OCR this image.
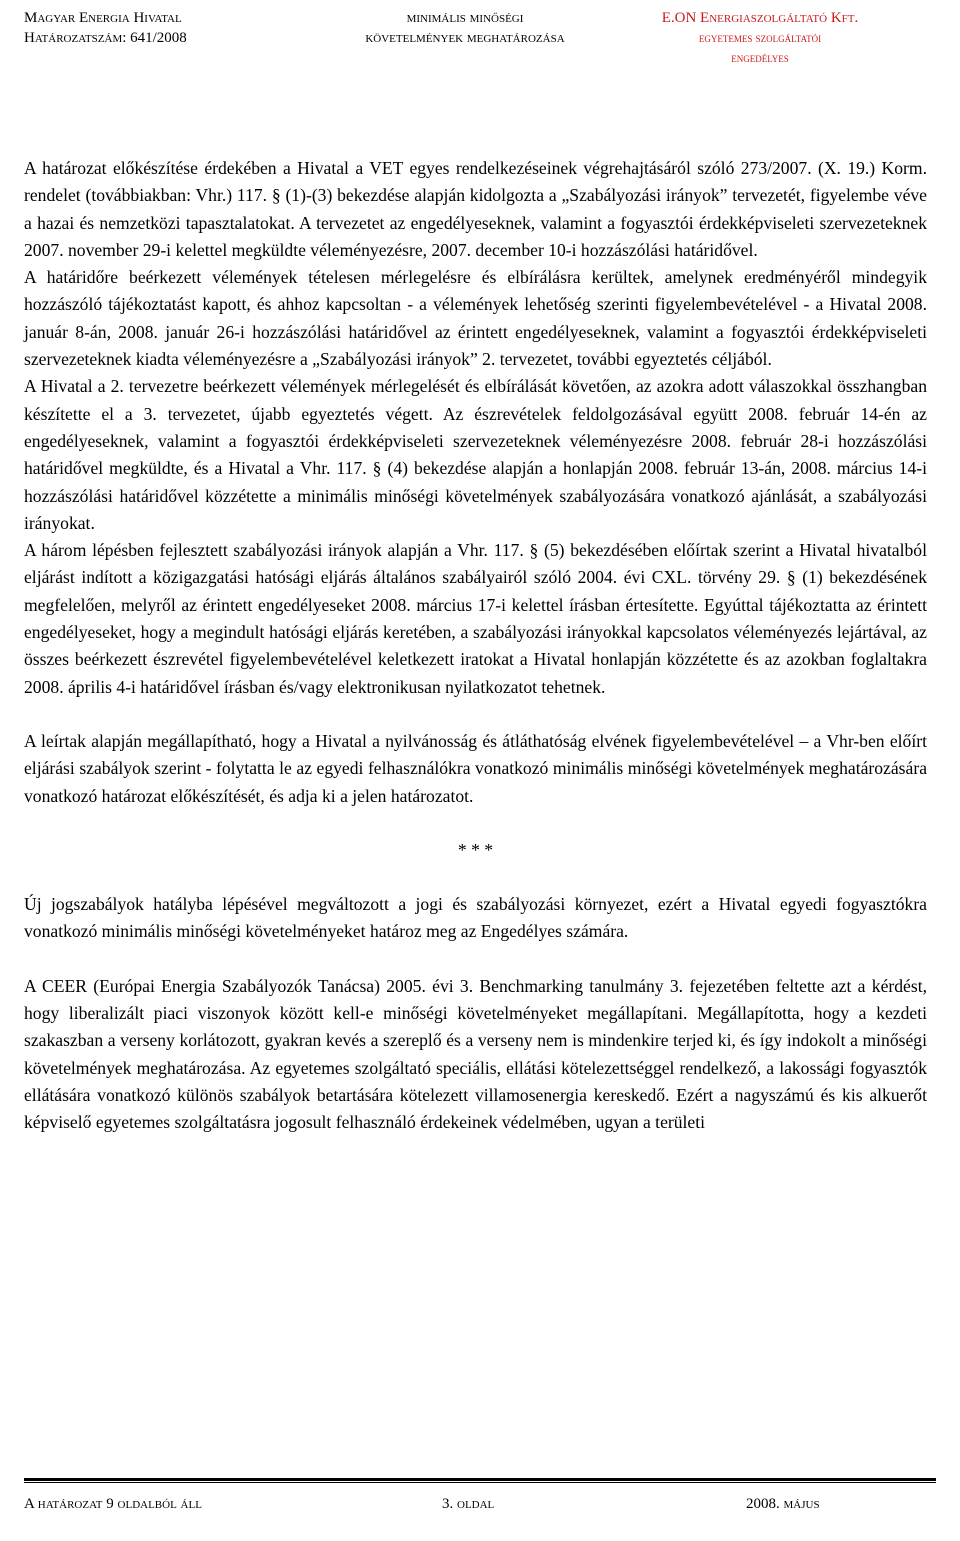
Magyar Energia Hivatal
Határozatszám: 641/2008
minimális minőségi
követelmények meghatározása
E.ON Energiaszolgáltató Kft.
egyetemes szolgáltatói
engedélyes

A határozat előkészítése érdekében a Hivatal a VET egyes rendelkezéseinek végrehajtásáról szóló 273/2007. (X. 19.) Korm. rendelet (továbbiakban: Vhr.) 117. § (1)-(3) bekezdése alapján kidolgozta a „Szabályozási irányok” tervezetét, figyelembe véve a hazai és nemzetközi tapasztalatokat. A tervezetet az engedélyeseknek, valamint a fogyasztói érdekképviseleti szervezeteknek 2007. november 29-i kelettel megküldte véleményezésre, 2007. december 10-i hozzászólási határidővel.

A határidőre beérkezett vélemények tételesen mérlegelésre és elbírálásra kerültek, amelynek eredményéről mindegyik hozzászóló tájékoztatást kapott, és ahhoz kapcsoltan - a vélemények lehetőség szerinti figyelembevételével - a Hivatal 2008. január 8-án, 2008. január 26-i hozzászólási határidővel az érintett engedélyeseknek, valamint a fogyasztói érdekképviseleti szervezeteknek kiadta véleményezésre a „Szabályozási irányok” 2. tervezetet, további egyeztetés céljából.

A Hivatal a 2. tervezetre beérkezett vélemények mérlegelését és elbírálását követően, az azokra adott válaszokkal összhangban készítette el a 3. tervezetet, újabb egyeztetés végett. Az észrevételek feldolgozásával együtt 2008. február 14-én az engedélyeseknek, valamint a fogyasztói érdekképviseleti szervezeteknek véleményezésre 2008. február 28-i hozzászólási határidővel megküldte, és a Hivatal a Vhr. 117. § (4) bekezdése alapján a honlapján 2008. február 13-án, 2008. március 14-i hozzászólási határidővel közzétette a minimális minőségi követelmények szabályozására vonatkozó ajánlását, a szabályozási irányokat.

A három lépésben fejlesztett szabályozási irányok alapján a Vhr. 117. § (5) bekezdésében előírtak szerint a Hivatal hivatalból eljárást indított a közigazgatási hatósági eljárás általános szabályairól szóló 2004. évi CXL. törvény 29. § (1) bekezdésének megfelelően, melyről az érintett engedélyeseket 2008. március 17-i kelettel írásban értesítette. Egyúttal tájékoztatta az érintett engedélyeseket, hogy a megindult hatósági eljárás keretében, a szabályozási irányokkal kapcsolatos véleményezés lejártával, az összes beérkezett észrevétel figyelembevételével keletkezett iratokat a Hivatal honlapján közzétette és az azokban foglaltakra 2008. április 4-i határidővel írásban és/vagy elektronikusan nyilatkozatot tehetnek.

A leírtak alapján megállapítható, hogy a Hivatal a nyilvánosság és átláthatóság elvének figyelembevételével – a Vhr-ben előírt eljárási szabályok szerint - folytatta le az egyedi felhasználókra vonatkozó minimális minőségi követelmények meghatározására vonatkozó határozat előkészítését, és adja ki a jelen határozatot.

* * *

Új jogszabályok hatályba lépésével megváltozott a jogi és szabályozási környezet, ezért a Hivatal egyedi fogyasztókra vonatkozó minimális minőségi követelményeket határoz meg az Engedélyes számára.

A CEER (Európai Energia Szabályozók Tanácsa) 2005. évi 3. Benchmarking tanulmány 3. fejezetében feltette azt a kérdést, hogy liberalizált piaci viszonyok között kell-e minőségi követelményeket megállapítani. Megállapította, hogy a kezdeti szakaszban a verseny korlátozott, gyakran kevés a szereplő és a verseny nem is mindenkire terjed ki, és így indokolt a minőségi követelmények meghatározása. Az egyetemes szolgáltató speciális, ellátási kötelezettséggel rendelkező, a lakossági fogyasztók ellátására vonatkozó különös szabályok betartására kötelezett villamosenergia kereskedő. Ezért a nagyszámú és kis alkuerőt képviselő egyetemes szolgáltatásra jogosult felhasználó érdekeinek védelmében, ugyan a területi

A határozat 9 oldalból áll	3. oldal	2008. május
